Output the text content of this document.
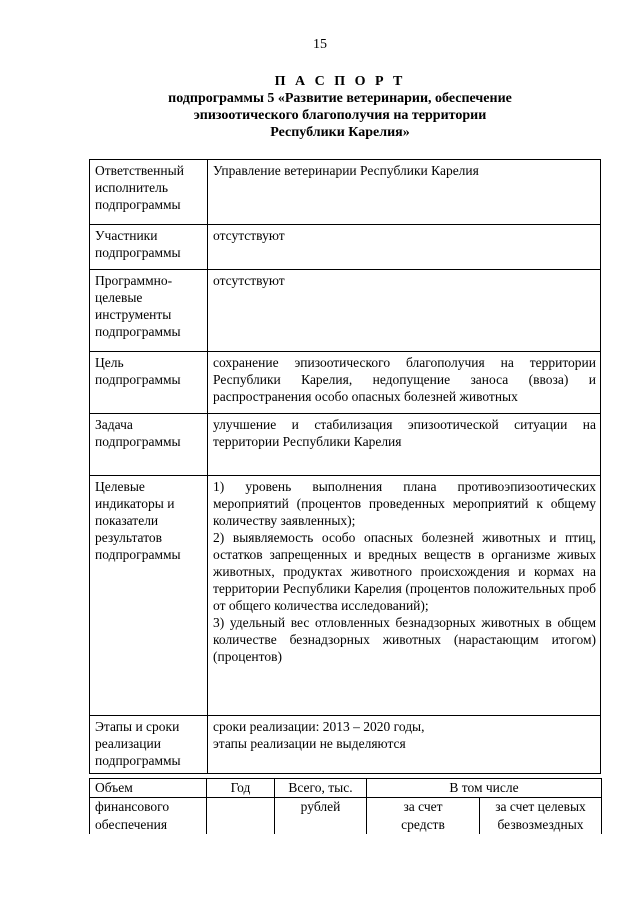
15
П А С П О Р Т
подпрограммы 5 «Развитие ветеринарии, обеспечение
эпизоотического благополучия на территории
Республики Карелия»
Ответственный исполнитель подпрограммы	Управление ветеринарии Республики Карелия

Участники подпрограммы	отсутствуют

Программно-целевые инструменты подпрограммы	отсутствуют

Цель подпрограммы	сохранение эпизоотического благополучия на территории Республики Карелия, недопущение заноса (ввоза) и распространения особо опасных болезней животных

Задача подпрограммы	улучшение и стабилизация эпизоотической ситуации на территории Республики Карелия

Целевые индикаторы и показатели результатов подпрограммы	1) уровень выполнения плана противоэпизоотических мероприятий (процентов проведенных мероприятий к общему количеству заявленных);
2) выявляемость особо опасных болезней животных и птиц, остатков запрещенных и вредных веществ в организме живых животных, продуктах животного происхождения и кормах на территории Республики Карелия (процентов положительных проб от общего количества исследований);
3) удельный вес отловленных безнадзорных животных в общем количестве безнадзорных животных (нарастающим итогом) (процентов)

Этапы и сроки реализации подпрограммы	сроки реализации: 2013 – 2020 годы,
этапы реализации не выделяются
Объем	Год	Всего, тыс.	В том числе	
финансового		рублей	за счет	за счет целевых
обеспечения			средств	безвозмездных
